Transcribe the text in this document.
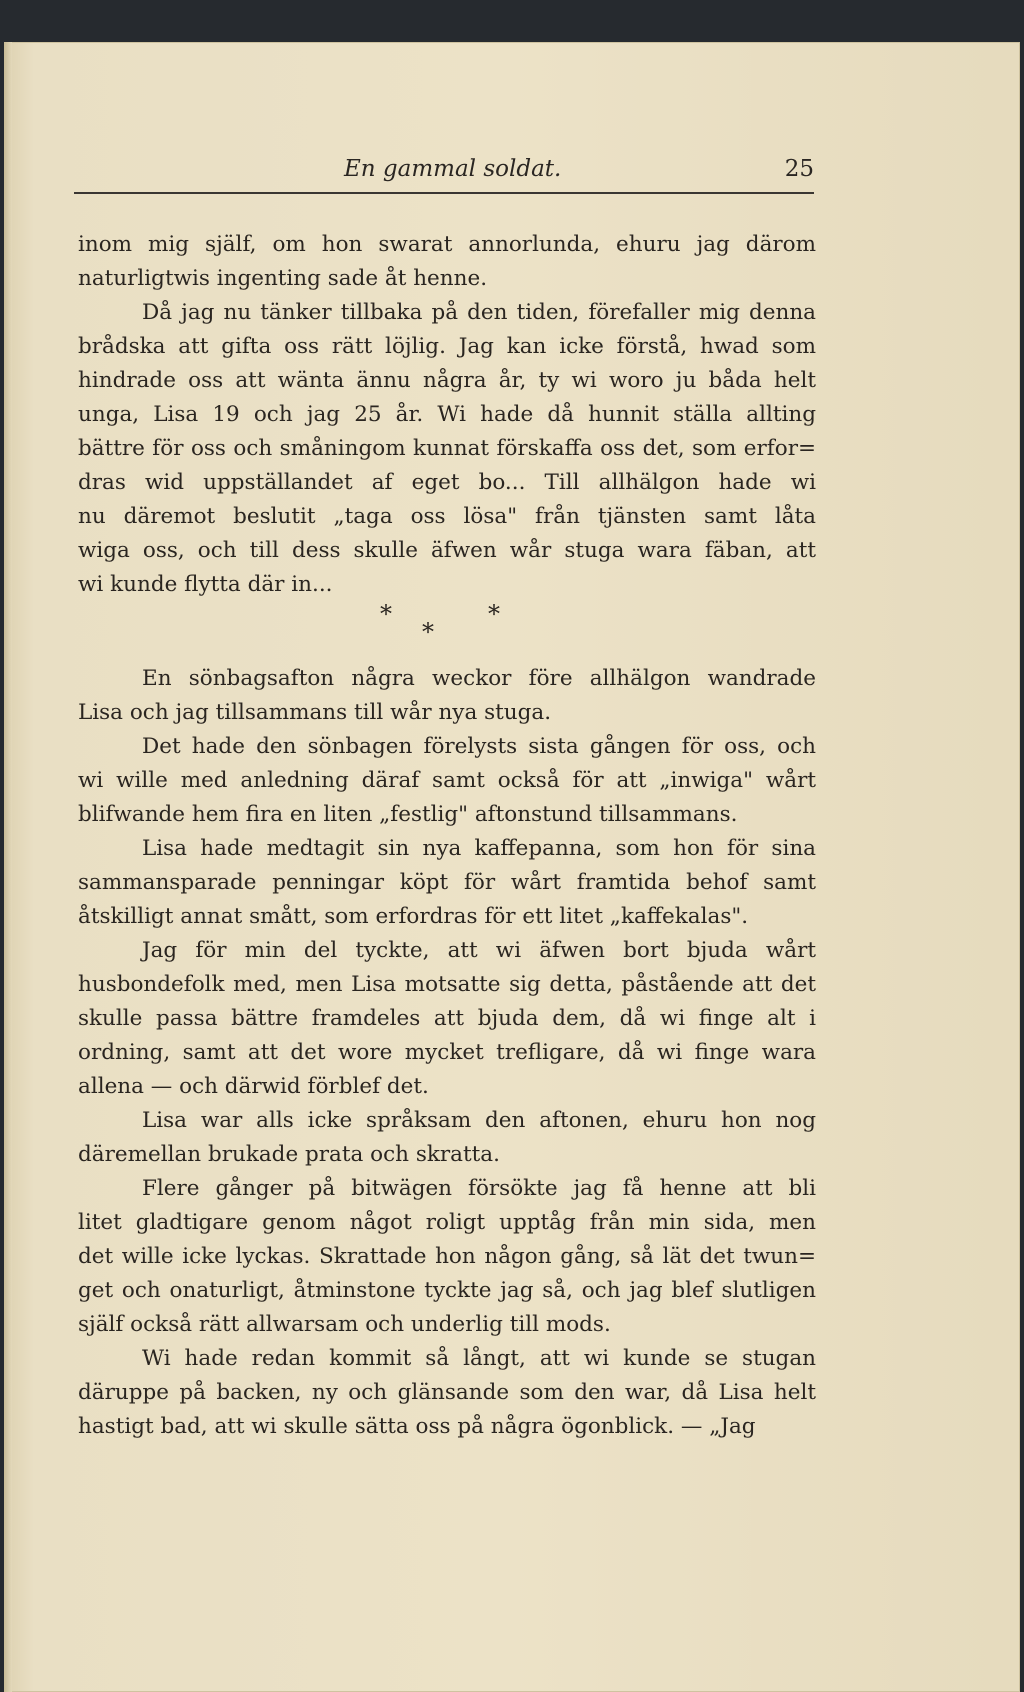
En gammal soldat.	25
inom mig själf, om hon swarat annorlunda, ehuru jag därom
naturligtwis ingenting sade åt henne.
Då jag nu tänker tillbaka på den tiden, förefaller mig denna
brådska att gifta oss rätt löjlig. Jag kan icke förstå, hwad som
hindrade oss att wänta ännu några år, ty wi woro ju båda helt
unga, Lisa 19 och jag 25 år. Wi hade då hunnit ställa allting
bättre för oss och småningom kunnat förskaffa oss det, som erfor=
dras wid uppställandet af eget bo... Till allhälgon hade wi
nu däremot beslutit „taga oss lösa" från tjänsten samt låta
wiga oss, och till dess skulle äfwen wår stuga wara fäban, att
wi kunde flytta där in...
*
*
*
En sönbagsafton några weckor före allhälgon wandrade
Lisa och jag tillsammans till wår nya stuga.
Det hade den sönbagen förelysts sista gången för oss, och
wi wille med anledning däraf samt också för att „inwiga" wårt
blifwande hem fira en liten „festlig" aftonstund tillsammans.
Lisa hade medtagit sin nya kaffepanna, som hon för sina
sammansparade penningar köpt för wårt framtida behof samt
åtskilligt annat smått, som erfordras för ett litet „kaffekalas".
Jag för min del tyckte, att wi äfwen bort bjuda wårt
husbondefolk med, men Lisa motsatte sig detta, påstående att det
skulle passa bättre framdeles att bjuda dem, då wi finge alt i
ordning, samt att det wore mycket trefligare, då wi finge wara
allena — och därwid förblef det.
Lisa war alls icke språksam den aftonen, ehuru hon nog
däremellan brukade prata och skratta.
Flere gånger på bitwägen försökte jag få henne att bli
litet gladtigare genom något roligt upptåg från min sida, men
det wille icke lyckas. Skrattade hon någon gång, så lät det twun=
get och onaturligt, åtminstone tyckte jag så, och jag blef slutligen
själf också rätt allwarsam och underlig till mods.
Wi hade redan kommit så långt, att wi kunde se stugan
däruppe på backen, ny och glänsande som den war, då Lisa helt
hastigt bad, att wi skulle sätta oss på några ögonblick. — „Jag
